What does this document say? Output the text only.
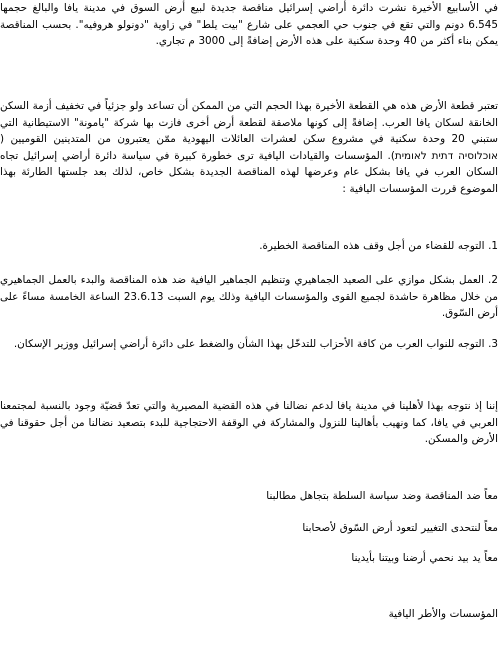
في الأسابيع الأخيرة نشرت دائرة أراضي إسرائيل مناقصة جديدة لبيع أرض السوق في مدينة يافا والبالغ حجمها 6.545 دونم والتي تقع في جنوب حي العجمي على شارع "بيت يلط" في زاوية "دونولو هروفيه". بحسب المناقصة يمكن بناء أكثر من 40 وحدة سكنية على هذه الأرض إضافةً إلى 3000 م تجاري.

تعتبر قطعة الأرض هذه هي القطعة الأخيرة بهذا الحجم التي من الممكن أن تساعد ولو جزئياً في تخفيف أزمة السكن الخانقة لسكان يافا العرب. إضافةً إلى كونها ملاصقة لقطعة أرض أخرى فازت بها شركة "يامونة" الاستيطانية التي ستبني 20 وحدة سكنية في مشروع سكن لعشرات العائلات اليهودية ممّن يعتبرون من المتدينين القوميين ( אוכלוסיה דתית לאומית). المؤسسات والقيادات اليافية ترى خطورة كبيرة في سياسة دائرة أراضي إسرائيل تجاه السكان العرب في يافا بشكل عام وعرضها لهذه المناقصة الجديدة بشكل خاص، لذلك بعد جلستها الطارئة بهذا الموضوع قررت المؤسسات اليافية :

1. التوجه للقضاء من أجل وقف هذه المناقصة الخطيرة.

2. العمل بشكل موازي على الصعيد الجماهيري وتنظيم الجماهير اليافية ضد هذه المناقصة والبدء بالعمل الجماهيري من خلال مظاهرة حاشدة لجميع القوى والمؤسسات اليافية وذلك يوم السبت 23.6.13 الساعة الخامسة مساءً على أرض السّوق.

3. التوجه للنواب العرب من كافة الأحزاب للتدخّل بهذا الشأن والضغط على دائرة أراضي إسرائيل ووزير الإسكان.

إننا إذ نتوجه بهذا لأهلينا في مدينة يافا لدعم نضالنا في هذه القضية المصيرية والتي تعدّ قضيّة وجود بالنسبة لمجتمعنا العربي في يافا، كما ونهيب بأهالينا للنزول والمشاركة في الوقفة الاحتجاجية للبدء بتصعيد نضالنا من أجل حقوقنا في الأرض والمسكن.

معاً ضد المناقصة وضد سياسة السلطة بتجاهل مطالبنا

معاً لنتحدى التغيير لتعود أرض السّوق لأصحابنا

معاً يد بيد نحمي أرضنا وبيتنا بأيدينا

المؤسسات والأطر اليافية
